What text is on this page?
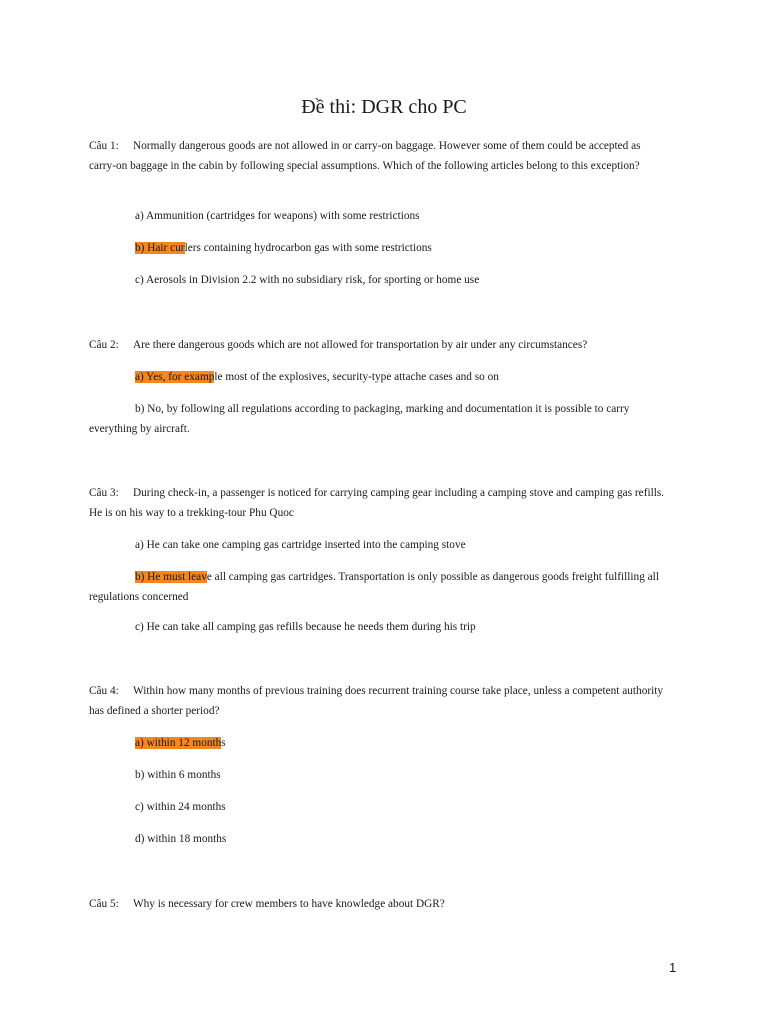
Đề thi: DGR cho PC

Câu 1: Normally dangerous goods are not allowed in or carry-on baggage. However some of them could be accepted as carry-on baggage in the cabin by following special assumptions. Which of the following articles belong to this exception?

a) Ammunition (cartridges for weapons) with some restrictions

b) Hair curlers containing hydrocarbon gas with some restrictions

c) Aerosols in Division 2.2 with no subsidiary risk, for sporting or home use

Câu 2: Are there dangerous goods which are not allowed for transportation by air under any circumstances?

a) Yes, for example most of the explosives, security-type attache cases and so on

b) No, by following all regulations according to packaging, marking and documentation it is possible to carry everything by aircraft.

Câu 3: During check-in, a passenger is noticed for carrying camping gear including a camping stove and camping gas refills. He is on his way to a trekking-tour Phu Quoc

a) He can take one camping gas cartridge inserted into the camping stove

b) He must leave all camping gas cartridges. Transportation is only possible as dangerous goods freight fulfilling all regulations concerned

c) He can take all camping gas refills because he needs them during his trip

Câu 4: Within how many months of previous training does recurrent training course take place, unless a competent authority has defined a shorter period?

a) within 12 months

b) within 6 months

c) within 24 months

d) within 18 months

Câu 5: Why is necessary for crew members to have knowledge about DGR?

1
